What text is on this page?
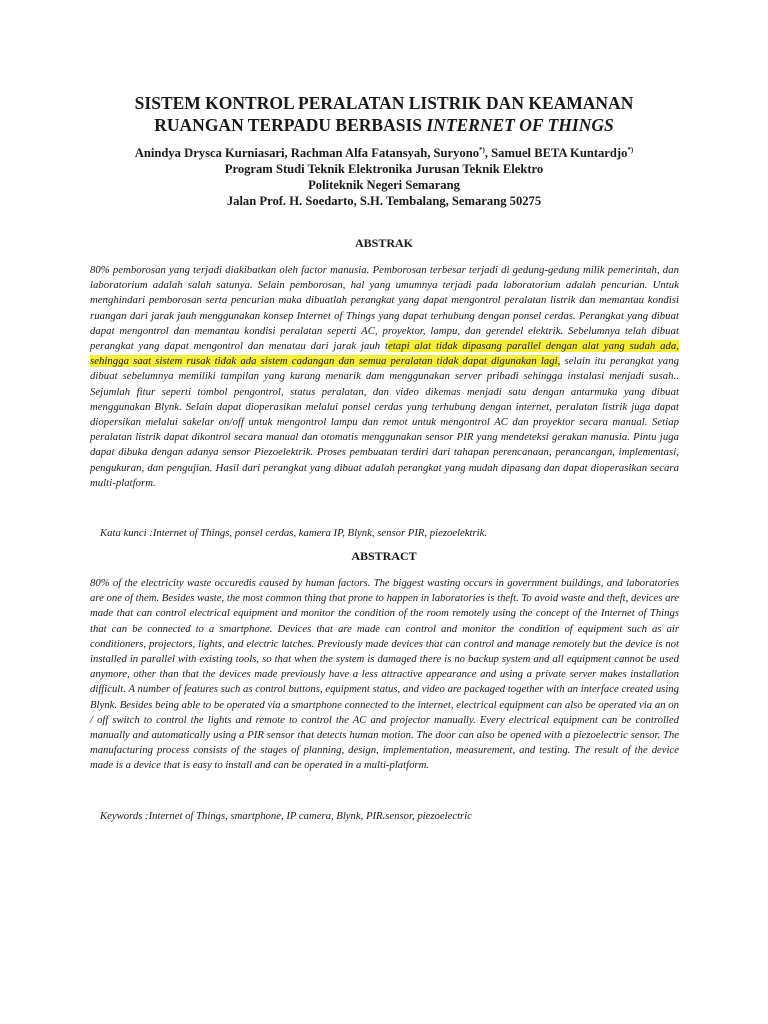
SISTEM KONTROL PERALATAN LISTRIK DAN KEAMANAN
RUANGAN TERPADU BERBASIS INTERNET OF THINGS
Anindya Drysca Kurniasari, Rachman Alfa Fatansyah, Suryono*), Samuel BETA Kuntardjo*)
Program Studi Teknik Elektronika Jurusan Teknik Elektro
Politeknik Negeri Semarang
Jalan Prof. H. Soedarto, S.H. Tembalang, Semarang 50275
ABSTRAK

80% pemborosan yang terjadi diakibatkan oleh factor manusia. Pemborosan terbesar terjadi di gedung-gedung milik pemerintah, dan laboratorium adalah salah satunya. Selain pemborosan, hal yang umumnya terjadi pada laboratorium adalah pencurian. Untuk menghindari pemborosan serta pencurian maka dibuatlah perangkat yang dapat mengontrol peralatan listrik dan memantau kondisi ruangan dari jarak jauh menggunakan konsep Internet of Things yang dapat terhubung dengan ponsel cerdas. Perangkat yang dibuat dapat mengontrol dan memantau kondisi peralatan seperti AC, proyektor, lampu, dan gerendel elektrik. Sebelumnya telah dibuat perangkat yang dapat mengontrol dan menatau dari jarak jauh tetapi alat tidak dipasang parallel dengan alat yang sudah ada, sehingga saat sistem rusak tidak ada sistem cadangan dan semua peralatan tidak dapat digunakan lagi, selain itu perangkat yang dibuat sebelumnya memiliki tampilan yang kurang menarik dam menggunakan server pribadi sehingga instalasi menjadi susah.. Sejumlah fitur seperti tombol pengontrol, status peralatan, dan video dikemas menjadi satu dengan antarmuka yang dibuat menggunakan Blynk. Selain dapat dioperasikan melalui ponsel cerdas yang terhubung dengan internet, peralatan listrik juga dapat diopersikan melalui sakelar on/off untuk mengontrol lampu dan remot untuk mengontrol AC dan proyektor secara manual. Setiap peralatan listrik dapat dikontrol secara manual dan otomatis menggunakan sensor PIR yang mendeteksi gerakan manusia. Pintu juga dapat dibuka dengan adanya sensor Piezoelektrik. Proses pembuatan terdiri dari tahapan perencanaan, perancangan, implementasi, pengukuran, dan pengujian. Hasil dari perangkat yang dibuat adalah perangkat yang mudah dipasang dan dapat dioperasikan secara multi-platform.

Kata kunci :Internet of Things, ponsel cerdas, kamera IP, Blynk, sensor PIR, piezoelektrik.

ABSTRACT

80% of the electricity waste occuredis caused by human factors. The biggest wasting occurs in government buildings, and laboratories are one of them. Besides waste, the most common thing that prone to happen in laboratories is theft. To avoid waste and theft, devices are made that can control electrical equipment and monitor the condition of the room remotely using the concept of the Internet of Things that can be connected to a smartphone. Devices that are made can control and monitor the condition of equipment such as air conditioners, projectors, lights, and electric latches. Previously made devices that can control and manage remotely but the device is not installed in parallel with existing tools, so that when the system is damaged there is no backup system and all equipment cannot be used anymore, other than that the devices made previously have a less attractive appearance and using a private server makes installation difficult. A number of features such as control buttons, equipment status, and video are packaged together with an interface created using Blynk. Besides being able to be operated via a smartphone connected to the internet, electrical equipment can also be operated via an on / off switch to control the lights and remote to control the AC and projector manually. Every electrical equipment can be controlled manually and automatically using a PIR sensor that detects human motion. The door can also be opened with a piezoelectric sensor. The manufacturing process consists of the stages of planning, design, implementation, measurement, and testing. The result of the device made is a device that is easy to install and can be operated in a multi-platform.

Keywords :Internet of Things, smartphone, IP camera, Blynk, PIR.sensor, piezoelectric
